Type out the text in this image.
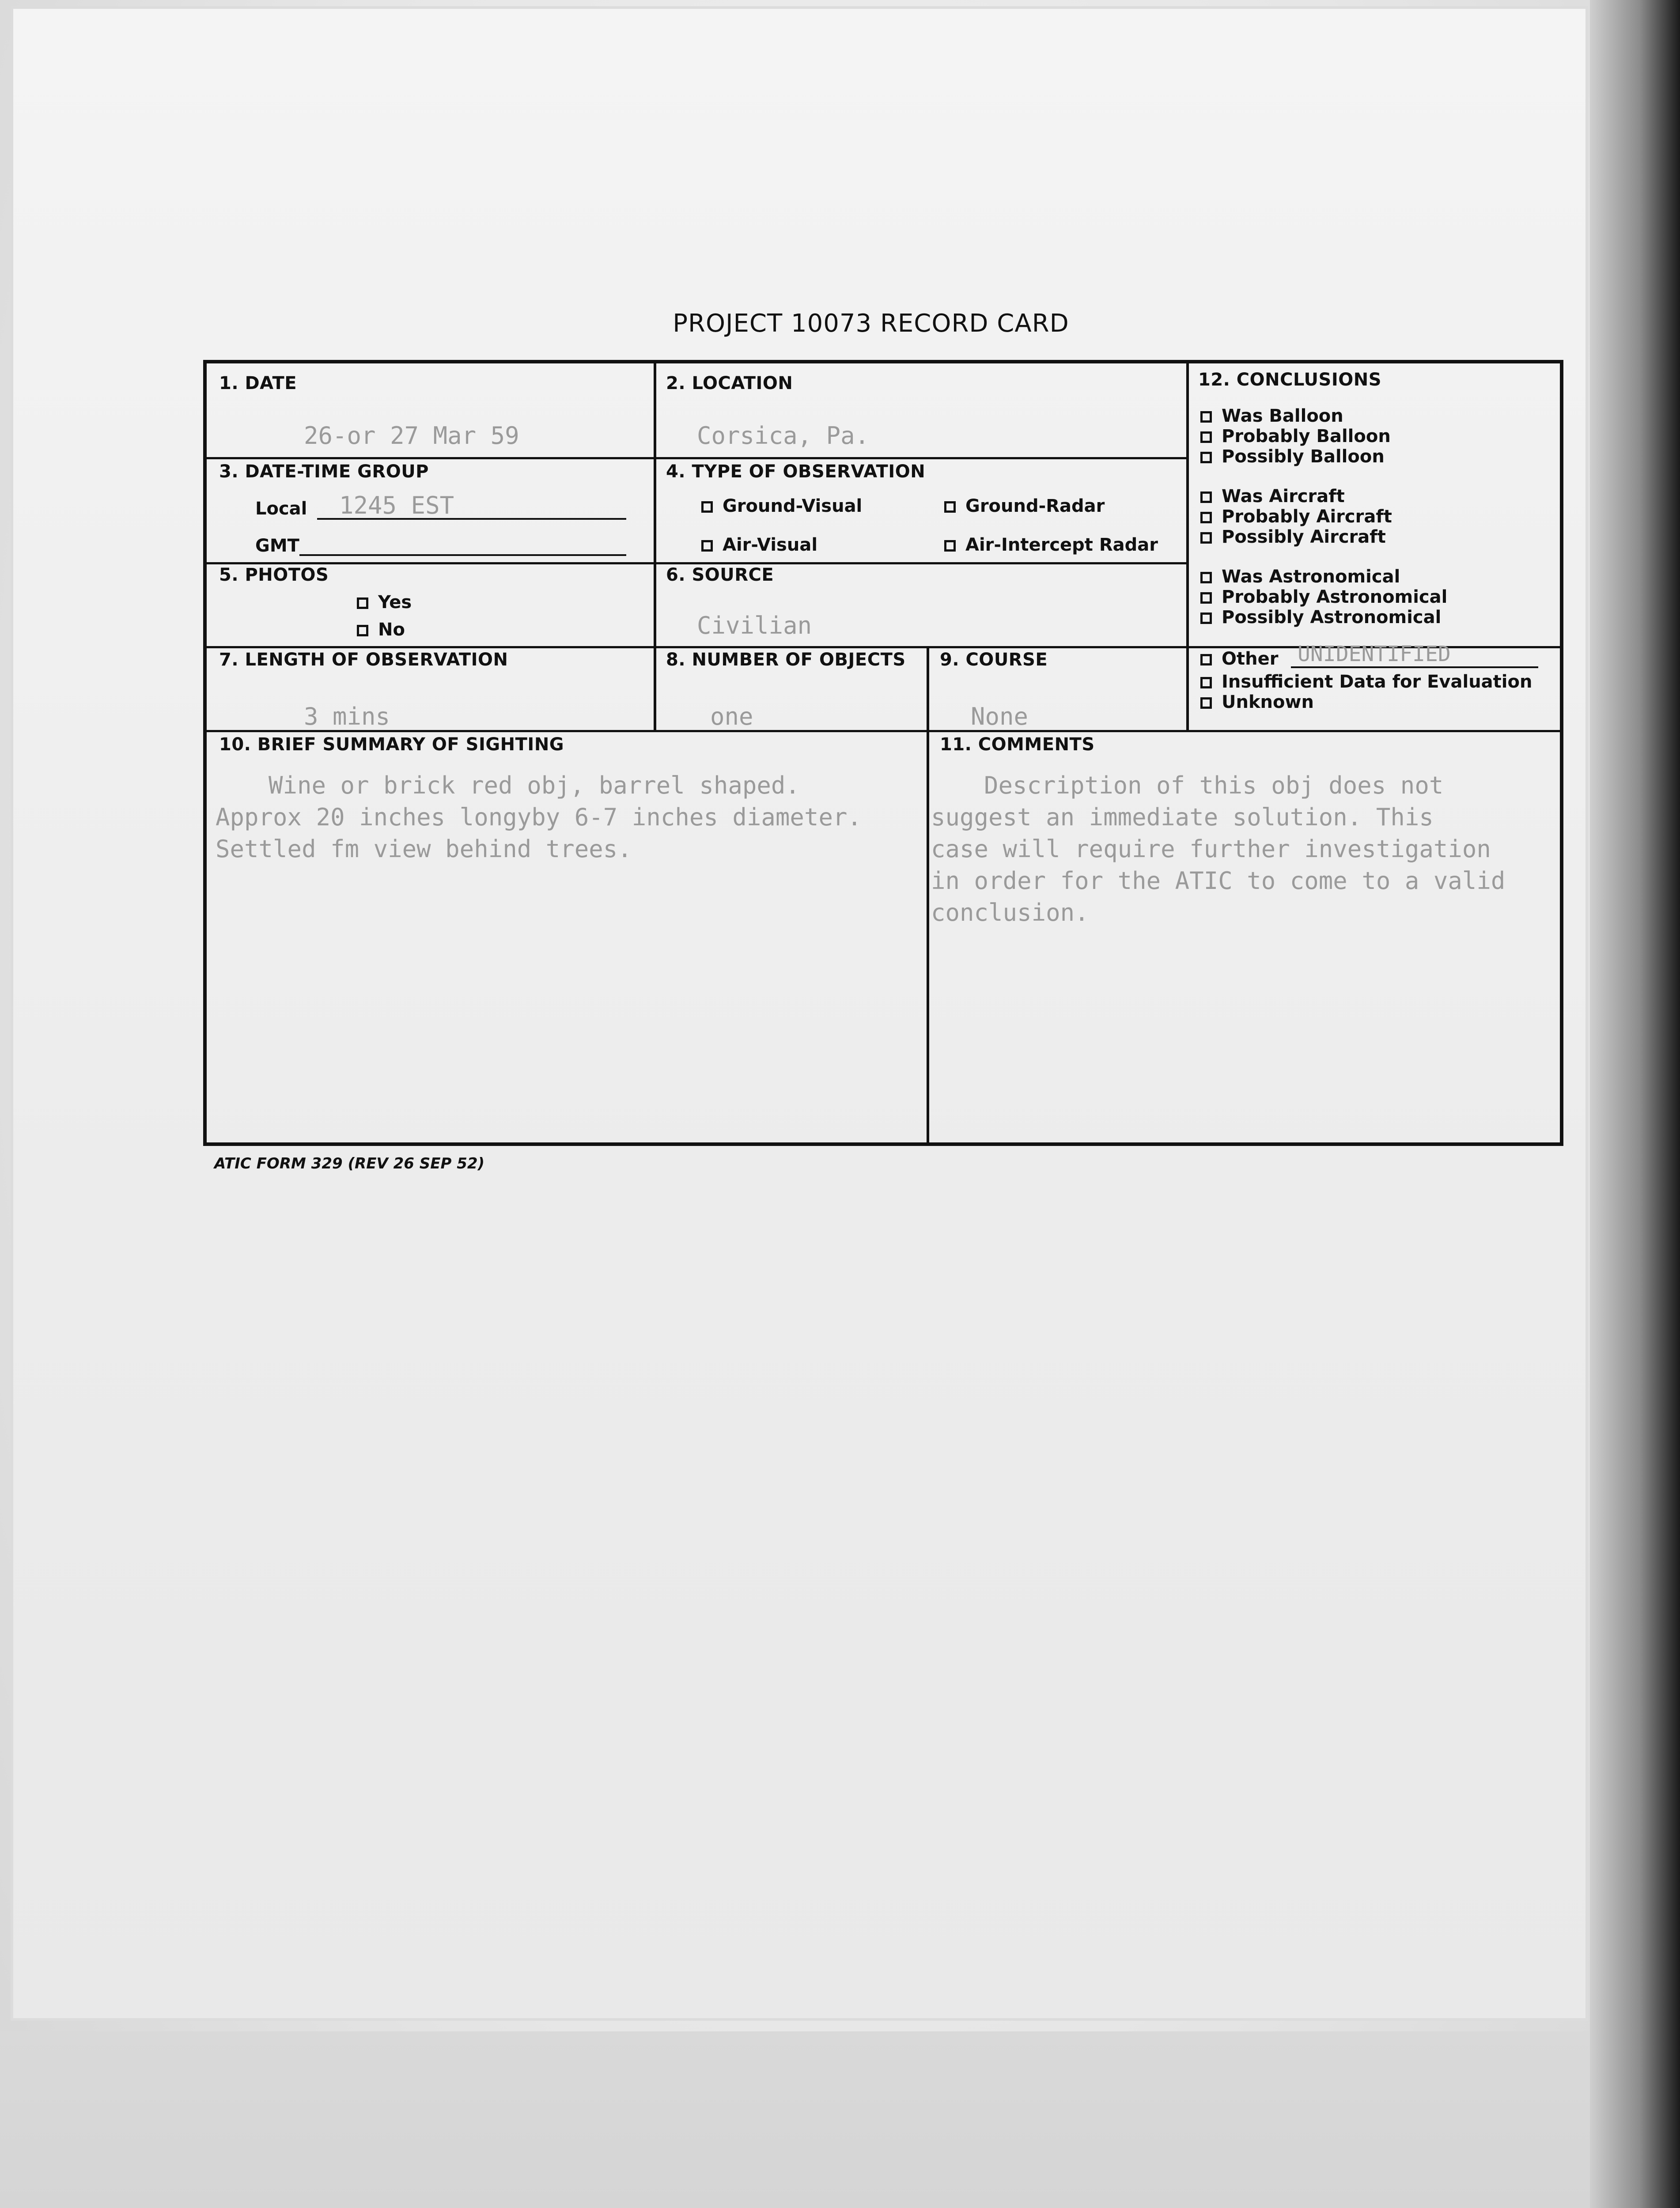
PROJECT 10073 RECORD CARD
1. DATE
26-or 27 Mar 59
2. LOCATION
Corsica, Pa.
3. DATE-TIME GROUP
Local 1245 EST
GMT
4. TYPE OF OBSERVATION
Ground-Visual	Ground-Radar
Air-Visual	Air-Intercept Radar
5. PHOTOS
Yes
No
6. SOURCE
Civilian
7. LENGTH OF OBSERVATION
3 mins
8. NUMBER OF OBJECTS
one
9. COURSE
None
10. BRIEF SUMMARY OF SIGHTING
Wine or brick red obj, barrel shaped.
Approx 20 inches longyby 6-7 inches diameter.
Settled fm view behind trees.
11. COMMENTS
Description of this obj does not
suggest an immediate solution. This
case will require further investigation
in order for the ATIC to come to a valid
conclusion.
12. CONCLUSIONS
Was Balloon
Probably Balloon
Possibly Balloon
Was Aircraft
Probably Aircraft
Possibly Aircraft
Was Astronomical
Probably Astronomical
Possibly Astronomical
Other UNIDENTIFIED
Insufficient Data for Evaluation
Unknown
ATIC FORM 329 (REV 26 SEP 52)
